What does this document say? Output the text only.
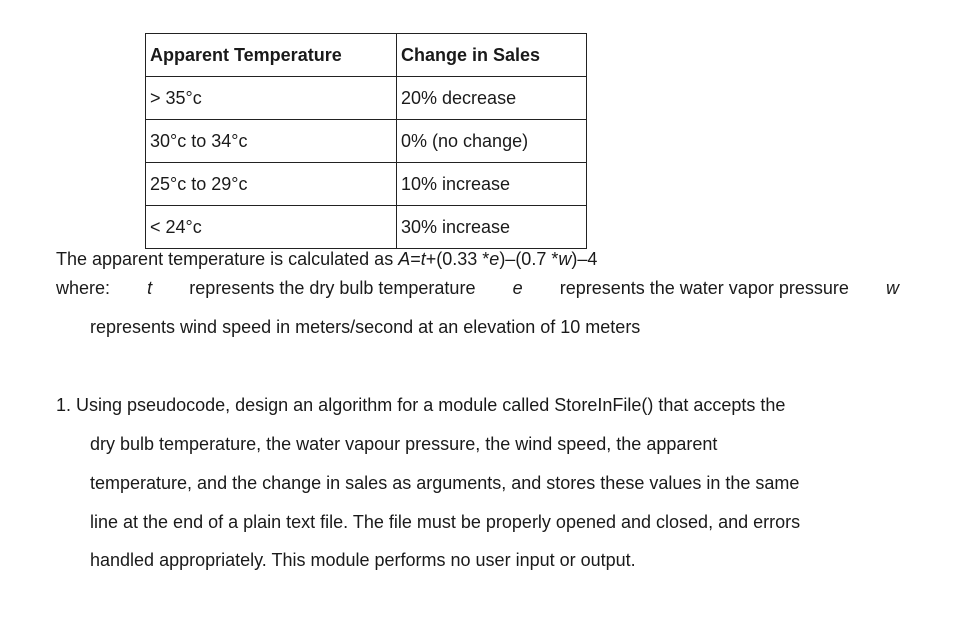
Apparent Temperature	Change in Sales
> 35°c	20% decrease
30°c to 34°c	0% (no change)
25°c to 29°c	10% increase
< 24°c	30% increase
The apparent temperature is calculated as A=t+(0.33 *e)–(0.7 *w)–4
where: t represents the dry bulb temperature e represents the water vapor pressure w
represents wind speed in meters/second at an elevation of 10 meters
1. Using pseudocode, design an algorithm for a module called StoreInFile() that accepts the
dry bulb temperature, the water vapour pressure, the wind speed, the apparent
temperature, and the change in sales as arguments, and stores these values in the same
line at the end of a plain text file. The file must be properly opened and closed, and errors
handled appropriately. This module performs no user input or output.
